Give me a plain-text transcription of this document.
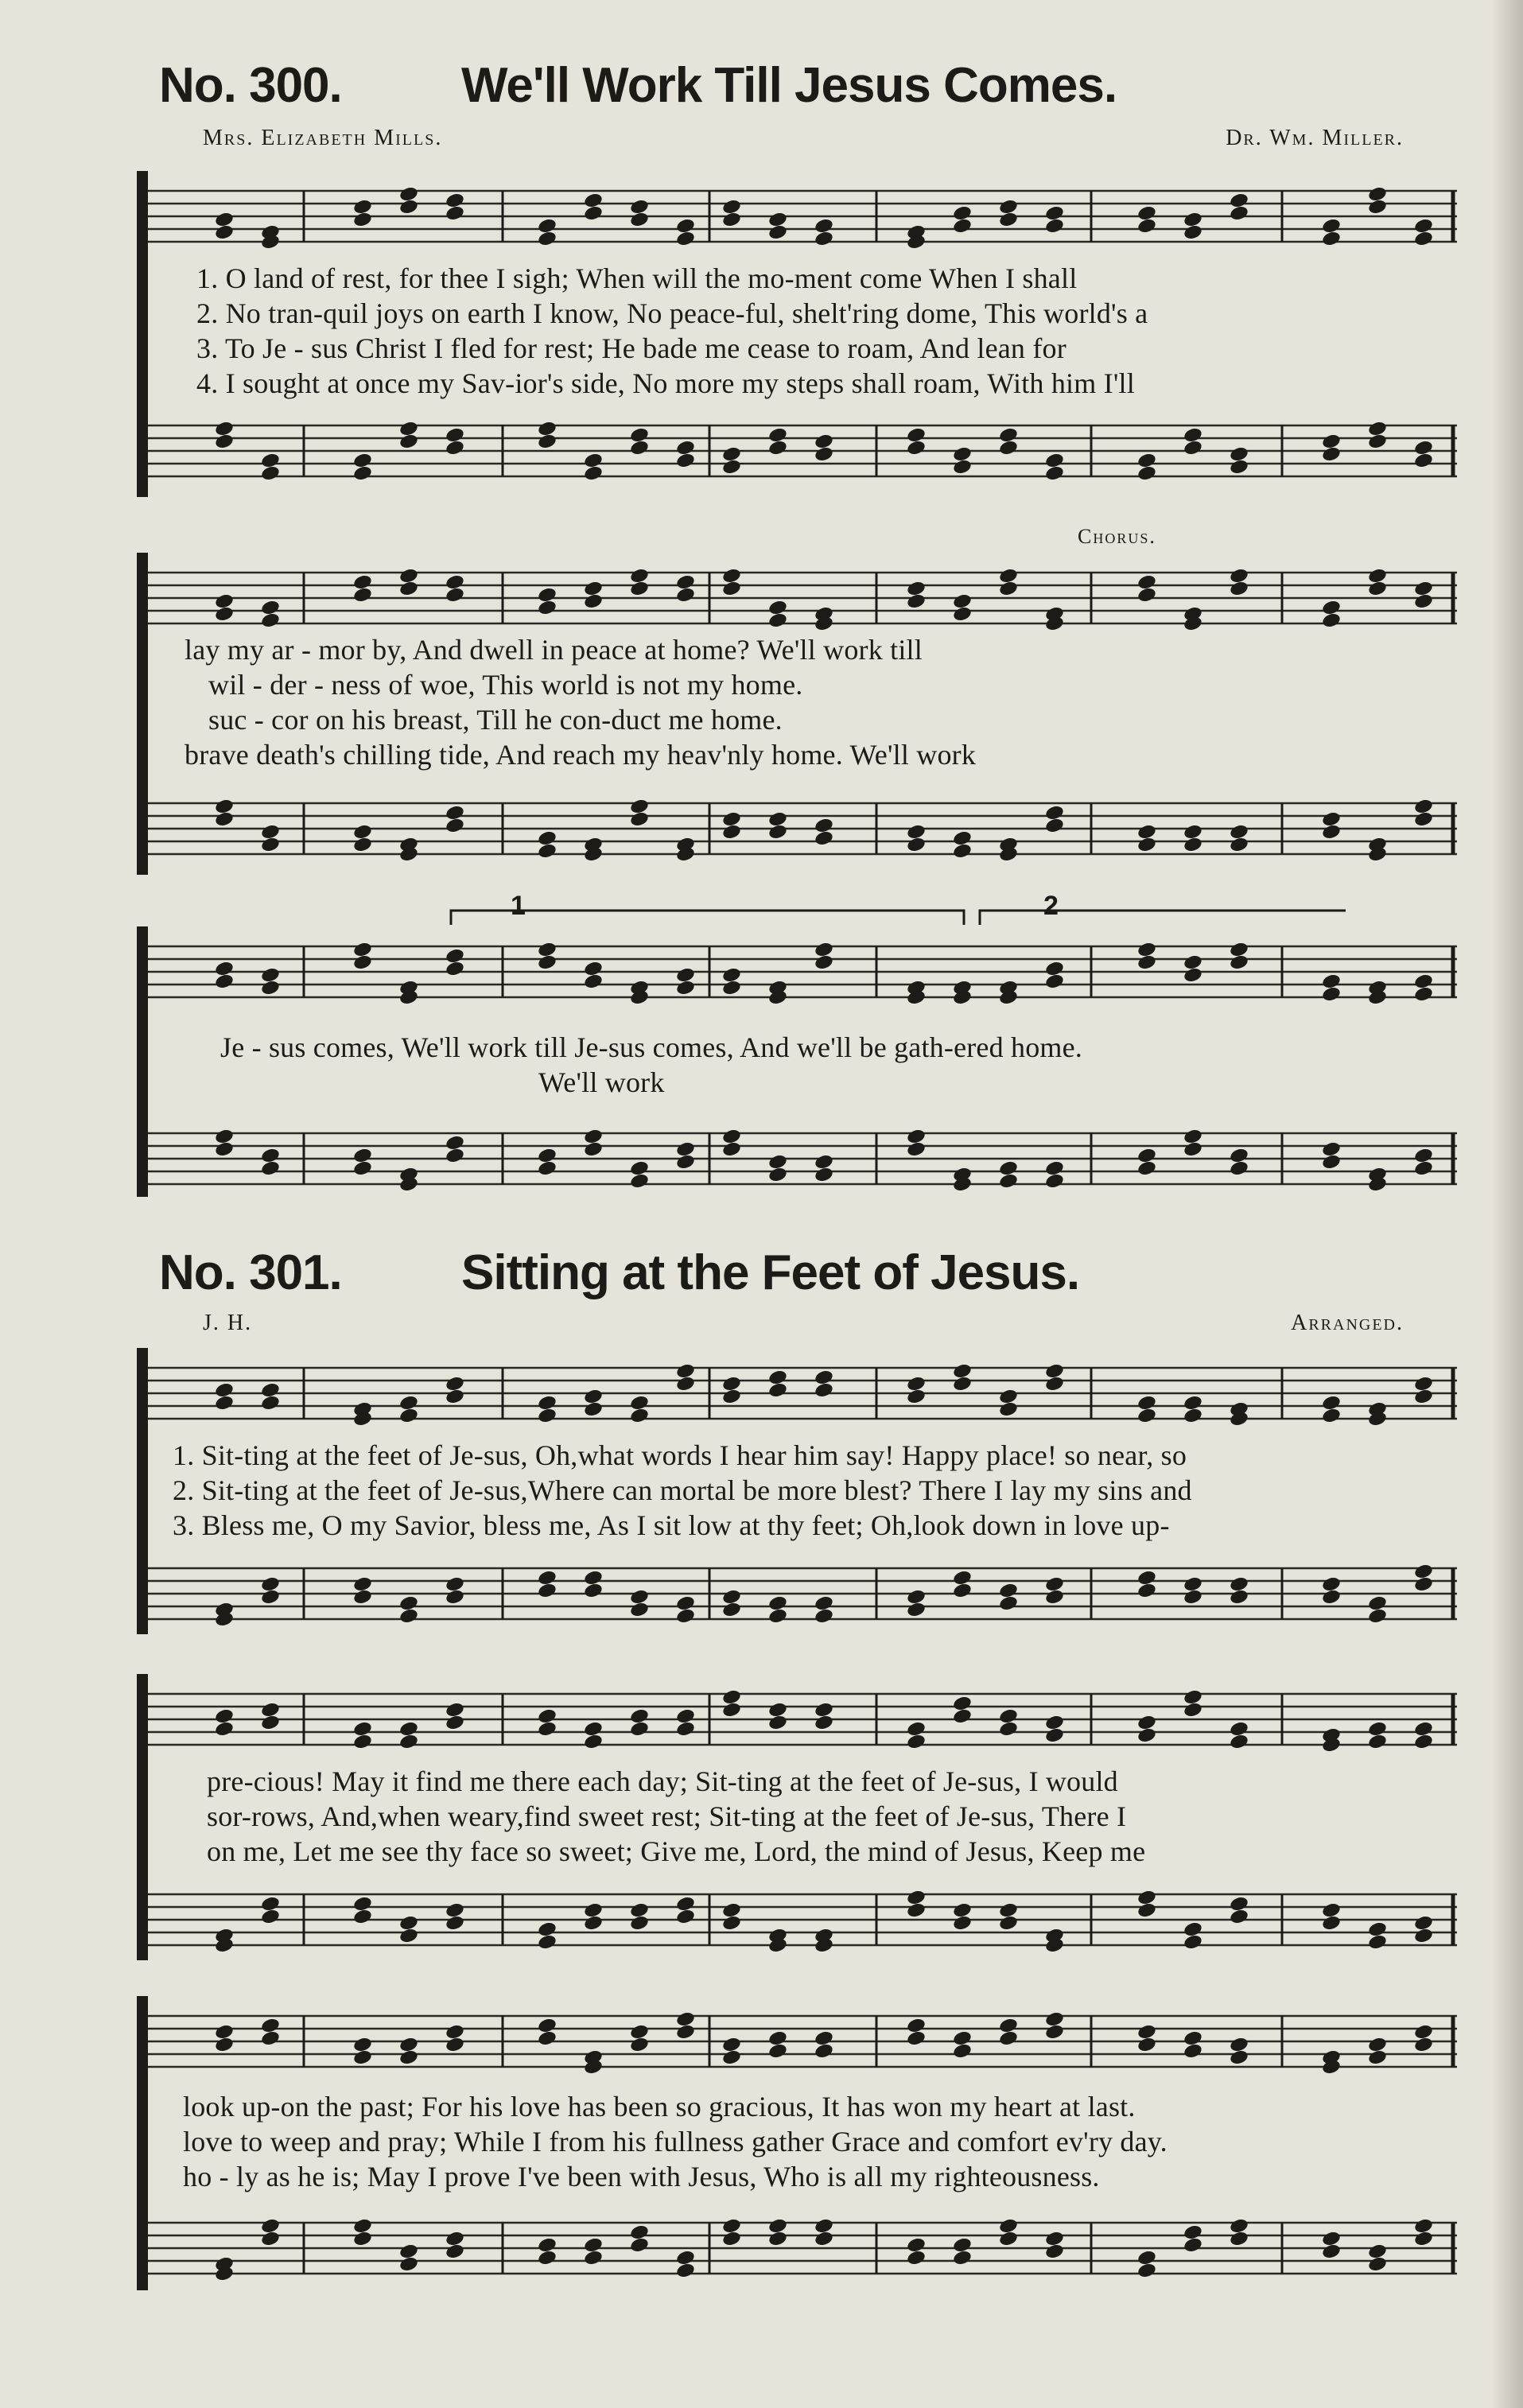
No. 300. We'll Work Till Jesus Comes.
Mrs. Elizabeth Mills.	Dr. Wm. Miller.
1. O land of rest, for thee I sigh; When will the mo-ment come When I shall
2. No tran-quil joys on earth I know, No peace-ful, shelt'ring dome, This world's a
3. To Je - sus Christ I fled for rest; He bade me cease to roam, And lean for
4. I sought at once my Sav-ior's side, No more my steps shall roam, With him I'll
Chorus.
lay my ar - mor by, And dwell in peace at home? We'll work till
wil - der - ness of woe, This world is not my home.
suc - cor on his breast, Till he con-duct me home.
brave death's chilling tide, And reach my heav'nly home. We'll work
1	2
Je - sus comes, We'll work till Je-sus comes, And we'll be gath-ered home.
We'll work
No. 301. Sitting at the Feet of Jesus.
J. H.	Arranged.
1. Sit-ting at the feet of Je-sus, Oh,what words I hear him say! Happy place! so near, so
2. Sit-ting at the feet of Je-sus,Where can mortal be more blest? There I lay my sins and
3. Bless me, O my Savior, bless me, As I sit low at thy feet; Oh,look down in love up-
pre-cious! May it find me there each day; Sit-ting at the feet of Je-sus, I would
sor-rows, And,when weary,find sweet rest; Sit-ting at the feet of Je-sus, There I
on me, Let me see thy face so sweet; Give me, Lord, the mind of Jesus, Keep me
look up-on the past; For his love has been so gracious, It has won my heart at last.
love to weep and pray; While I from his fullness gather Grace and comfort ev'ry day.
ho - ly as he is; May I prove I've been with Jesus, Who is all my righteousness.
